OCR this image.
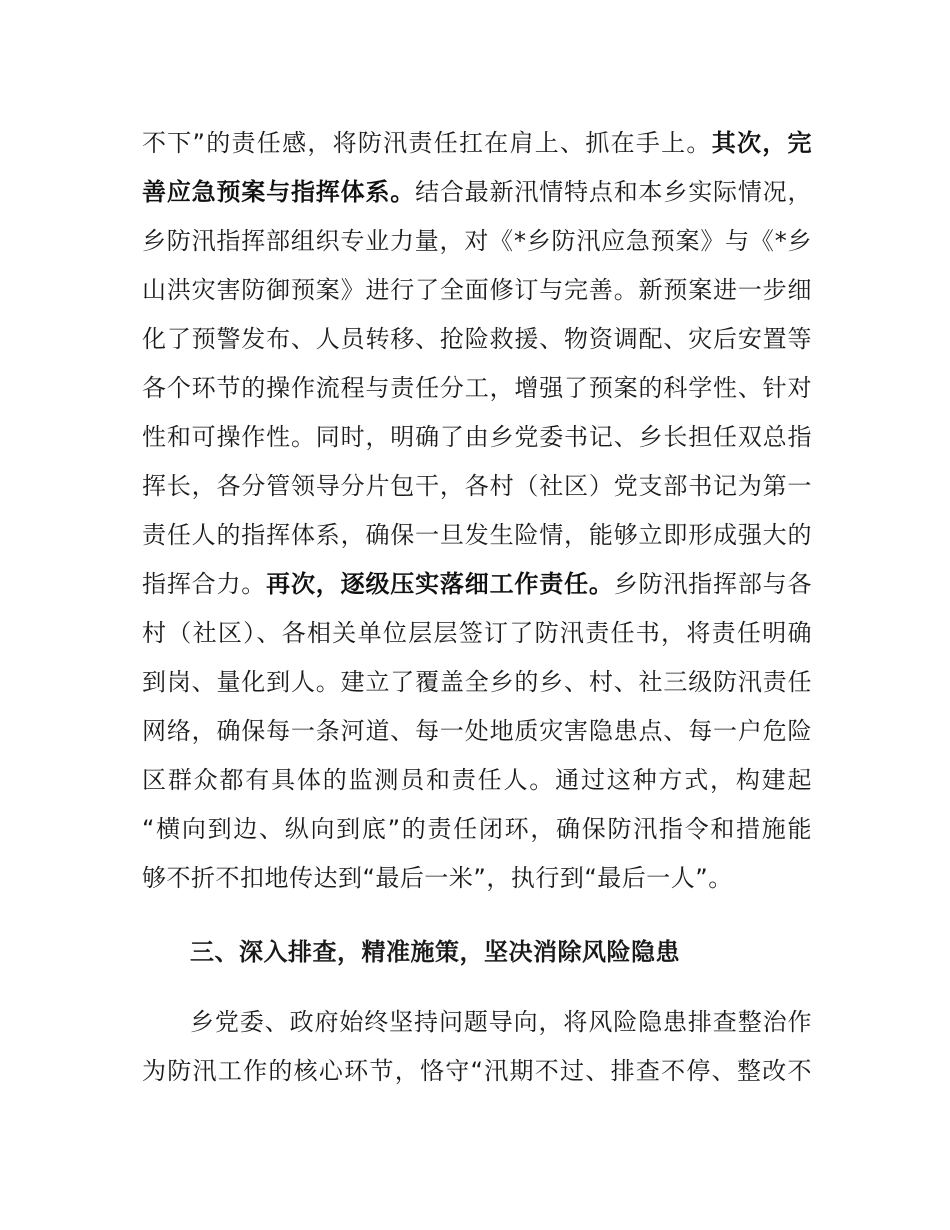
不下”的责任感，将防汛责任扛在肩上、抓在手上。其次，完
善应急预案与指挥体系。结合最新汛情特点和本乡实际情况，
乡防汛指挥部组织专业力量，对《*乡防汛应急预案》与《*乡
山洪灾害防御预案》进行了全面修订与完善。新预案进一步细
化了预警发布、人员转移、抢险救援、物资调配、灾后安置等
各个环节的操作流程与责任分工，增强了预案的科学性、针对
性和可操作性。同时，明确了由乡党委书记、乡长担任双总指
挥长，各分管领导分片包干，各村（社区）党支部书记为第一
责任人的指挥体系，确保一旦发生险情，能够立即形成强大的
指挥合力。再次，逐级压实落细工作责任。乡防汛指挥部与各
村（社区）、各相关单位层层签订了防汛责任书，将责任明确
到岗、量化到人。建立了覆盖全乡的乡、村、社三级防汛责任
网络，确保每一条河道、每一处地质灾害隐患点、每一户危险
区群众都有具体的监测员和责任人。通过这种方式，构建起
“横向到边、纵向到底”的责任闭环，确保防汛指令和措施能
够不折不扣地传达到“最后一米”，执行到“最后一人”。
三、深入排查，精准施策，坚决消除风险隐患
乡党委、政府始终坚持问题导向，将风险隐患排查整治作
为防汛工作的核心环节，恪守“汛期不过、排查不停、整改不
